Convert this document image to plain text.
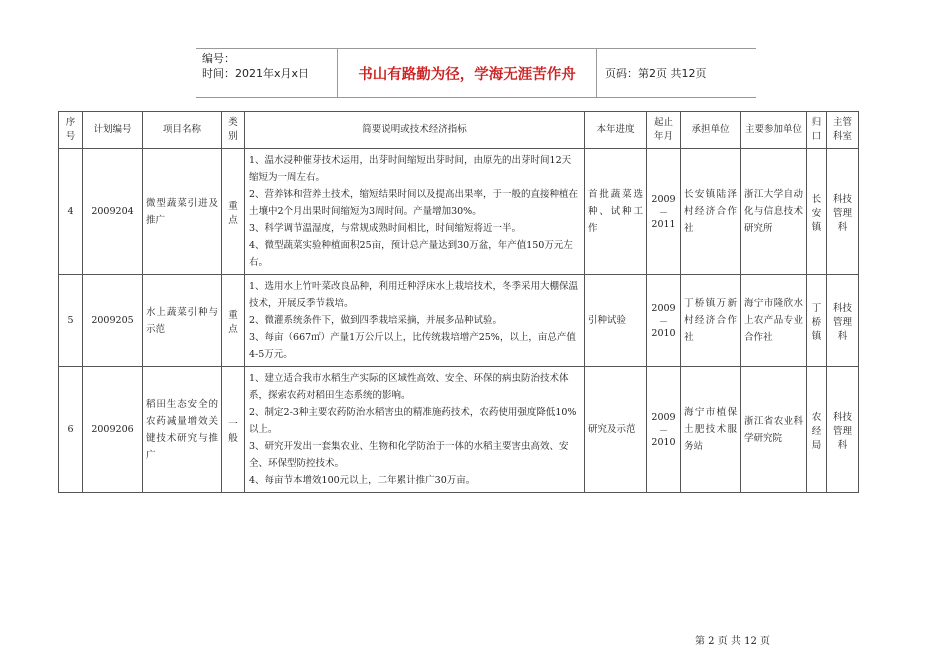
编号：
时间：2021年x月x日	书山有路勤为径，学海无涯苦作舟	页码：第2页 共12页
序号	计划编号	项目名称	类别	简要说明或技术经济指标	本年进度	起止年月	承担单位	主要参加单位	归口	主管科室
4	2009204	微型蔬菜引进及推广	重点	1、温水浸种催芽技术运用，出芽时间缩短出芽时间，由原先的出芽时间12天缩短为一周左右。
2、营养钵和营养土技术，缩短结果时间以及提高出果率，于一般的直接种植在土壤中2个月出果时间缩短为3周时间。产量增加30%。
3、科学调节温湿度，与常规成熟时间相比，时间缩短将近一半。
4、微型蔬菜实验种植面积25亩，预计总产量达到30万盆，年产值150万元左右。	首批蔬菜选种、试种工作	2009－2011	长安镇陆泽村经济合作社	浙江大学自动化与信息技术研究所	长安镇	科技管理科
5	2009205	水上蔬菜引种与示范	重点	1、选用水上竹叶菜改良品种，利用迁种浮床水上栽培技术，冬季采用大棚保温技术，开展反季节栽培。
2、微灌系统条件下，做到四季栽培采摘，并展多品种试验。
3、每亩（667㎡）产量1万公斤以上，比传统栽培增产25%，以上，亩总产值4-5万元。	引种试验	2009－2010	丁桥镇万新村经济合作社	海宁市隆欣水上农产品专业合作社	丁桥镇	科技管理科
6	2009206	稻田生态安全的农药减量增效关键技术研究与推广	一般	1、建立适合我市水稻生产实际的区域性高效、安全、环保的病虫防治技术体系，探索农药对稻田生态系统的影响。
2、制定2-3种主要农药防治水稻害虫的精准施药技术，农药使用强度降低10%以上。
3、研究开发出一套集农业、生物和化学防治于一体的水稻主要害虫高效、安全、环保型防控技术。
4、每亩节本增效100元以上，二年累计推广30万亩。	研究及示范	2009－2010	海宁市植保土肥技术服务站	浙江省农业科学研究院	农经局	科技管理科
第 2 页 共 12 页
